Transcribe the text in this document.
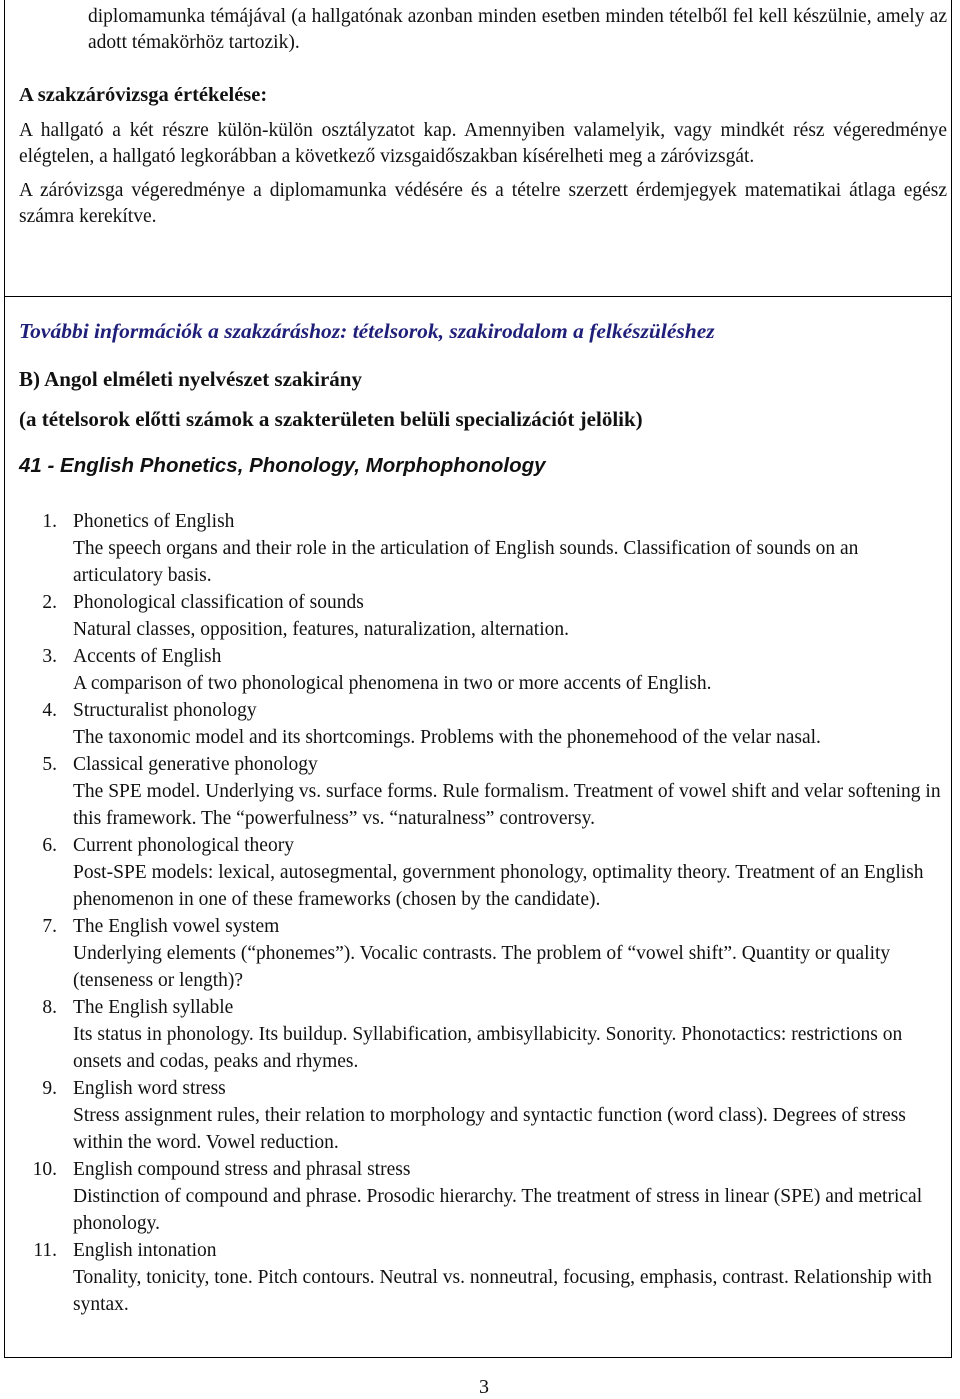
diplomamunka témájával (a hallgatónak azonban minden esetben minden tételből fel kell készülnie, amely az adott témakörhöz tartozik).

A szakzáróvizsga értékelése:

A hallgató a két részre külön-külön osztályzatot kap. Amennyiben valamelyik, vagy mindkét rész végeredménye elégtelen, a hallgató legkorábban a következő vizsgaidőszakban kísérelheti meg a záróvizsgát.

A záróvizsga végeredménye a diplomamunka védésére és a tételre szerzett érdemjegyek matematikai átlaga egész számra kerekítve.

További információk a szakzáráshoz: tételsorok, szakirodalom a felkészüléshez

B) Angol elméleti nyelvészet szakirány

(a tételsorok előtti számok a szakterületen belüli specializációt jelölik)

41 - English Phonetics, Phonology, Morphophonology

1. Phonetics of English
The speech organs and their role in the articulation of English sounds. Classification of sounds on an articulatory basis.
2. Phonological classification of sounds
Natural classes, opposition, features, naturalization, alternation.
3. Accents of English
A comparison of two phonological phenomena in two or more accents of English.
4. Structuralist phonology
The taxonomic model and its shortcomings. Problems with the phonemehood of the velar nasal.
5. Classical generative phonology
The SPE model. Underlying vs. surface forms. Rule formalism. Treatment of vowel shift and velar softening in this framework. The “powerfulness” vs. “naturalness” controversy.
6. Current phonological theory
Post-SPE models: lexical, autosegmental, government phonology, optimality theory. Treatment of an English phenomenon in one of these frameworks (chosen by the candidate).
7. The English vowel system
Underlying elements (“phonemes”). Vocalic contrasts. The problem of “vowel shift”. Quantity or quality (tenseness or length)?
8. The English syllable
Its status in phonology. Its buildup. Syllabification, ambisyllabicity. Sonority. Phonotactics: restrictions on onsets and codas, peaks and rhymes.
9. English word stress
Stress assignment rules, their relation to morphology and syntactic function (word class). Degrees of stress within the word. Vowel reduction.
10. English compound stress and phrasal stress
Distinction of compound and phrase. Prosodic hierarchy. The treatment of stress in linear (SPE) and metrical phonology.
11. English intonation
Tonality, tonicity, tone. Pitch contours. Neutral vs. nonneutral, focusing, emphasis, contrast. Relationship with syntax.
3
